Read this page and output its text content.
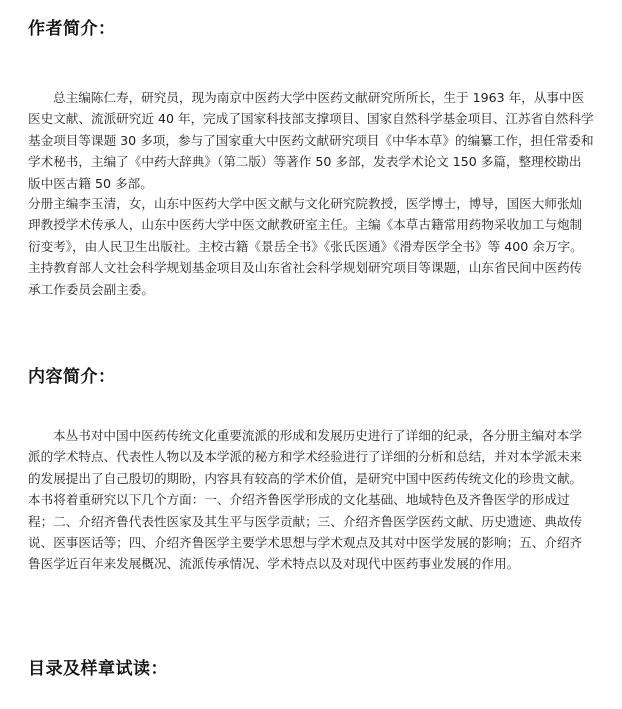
作者简介：

总主编陈仁寿，研究员，现为南京中医药大学中医药文献研究所所长，生于 1963 年，从事中医医史文献、流派研究近 40 年，完成了国家科技部支撑项目、国家自然科学基金项目、江苏省自然科学基金项目等课题 30 多项，参与了国家重大中医药文献研究项目《中华本草》的编纂工作，担任常委和学术秘书，主编了《中药大辞典》（第二版）等著作 50 多部，发表学术论文 150 多篇，整理校勘出版中医古籍 50 多部。

分册主编李玉清，女，山东中医药大学中医文献与文化研究院教授，医学博士，博导，国医大师张灿玾教授学术传承人，山东中医药大学中医文献教研室主任。主编《本草古籍常用药物采收加工与炮制衍变考》，由人民卫生出版社。主校古籍《景岳全书》《张氏医通》《滑寿医学全书》等 400 余万字。主持教育部人文社会科学规划基金项目及山东省社会科学规划研究项目等课题，山东省民间中医药传承工作委员会副主委。

内容简介：

本丛书对中国中医药传统文化重要流派的形成和发展历史进行了详细的纪录，各分册主编对本学派的学术特点、代表性人物以及本学派的秘方和学术经验进行了详细的分析和总结，并对本学派未来的发展提出了自己殷切的期盼，内容具有较高的学术价值，是研究中国中医药传统文化的珍贵文献。本书将着重研究以下几个方面：一、介绍齐鲁医学形成的文化基础、地域特色及齐鲁医学的形成过程；二、介绍齐鲁代表性医家及其生平与医学贡献；三、介绍齐鲁医学医药文献、历史遗迹、典故传说、医事医话等；四、介绍齐鲁医学主要学术思想与学术观点及其对中医学发展的影响；五、介绍齐鲁医学近百年来发展概况、流派传承情况、学术特点以及对现代中医药事业发展的作用。

目录及样章试读：
